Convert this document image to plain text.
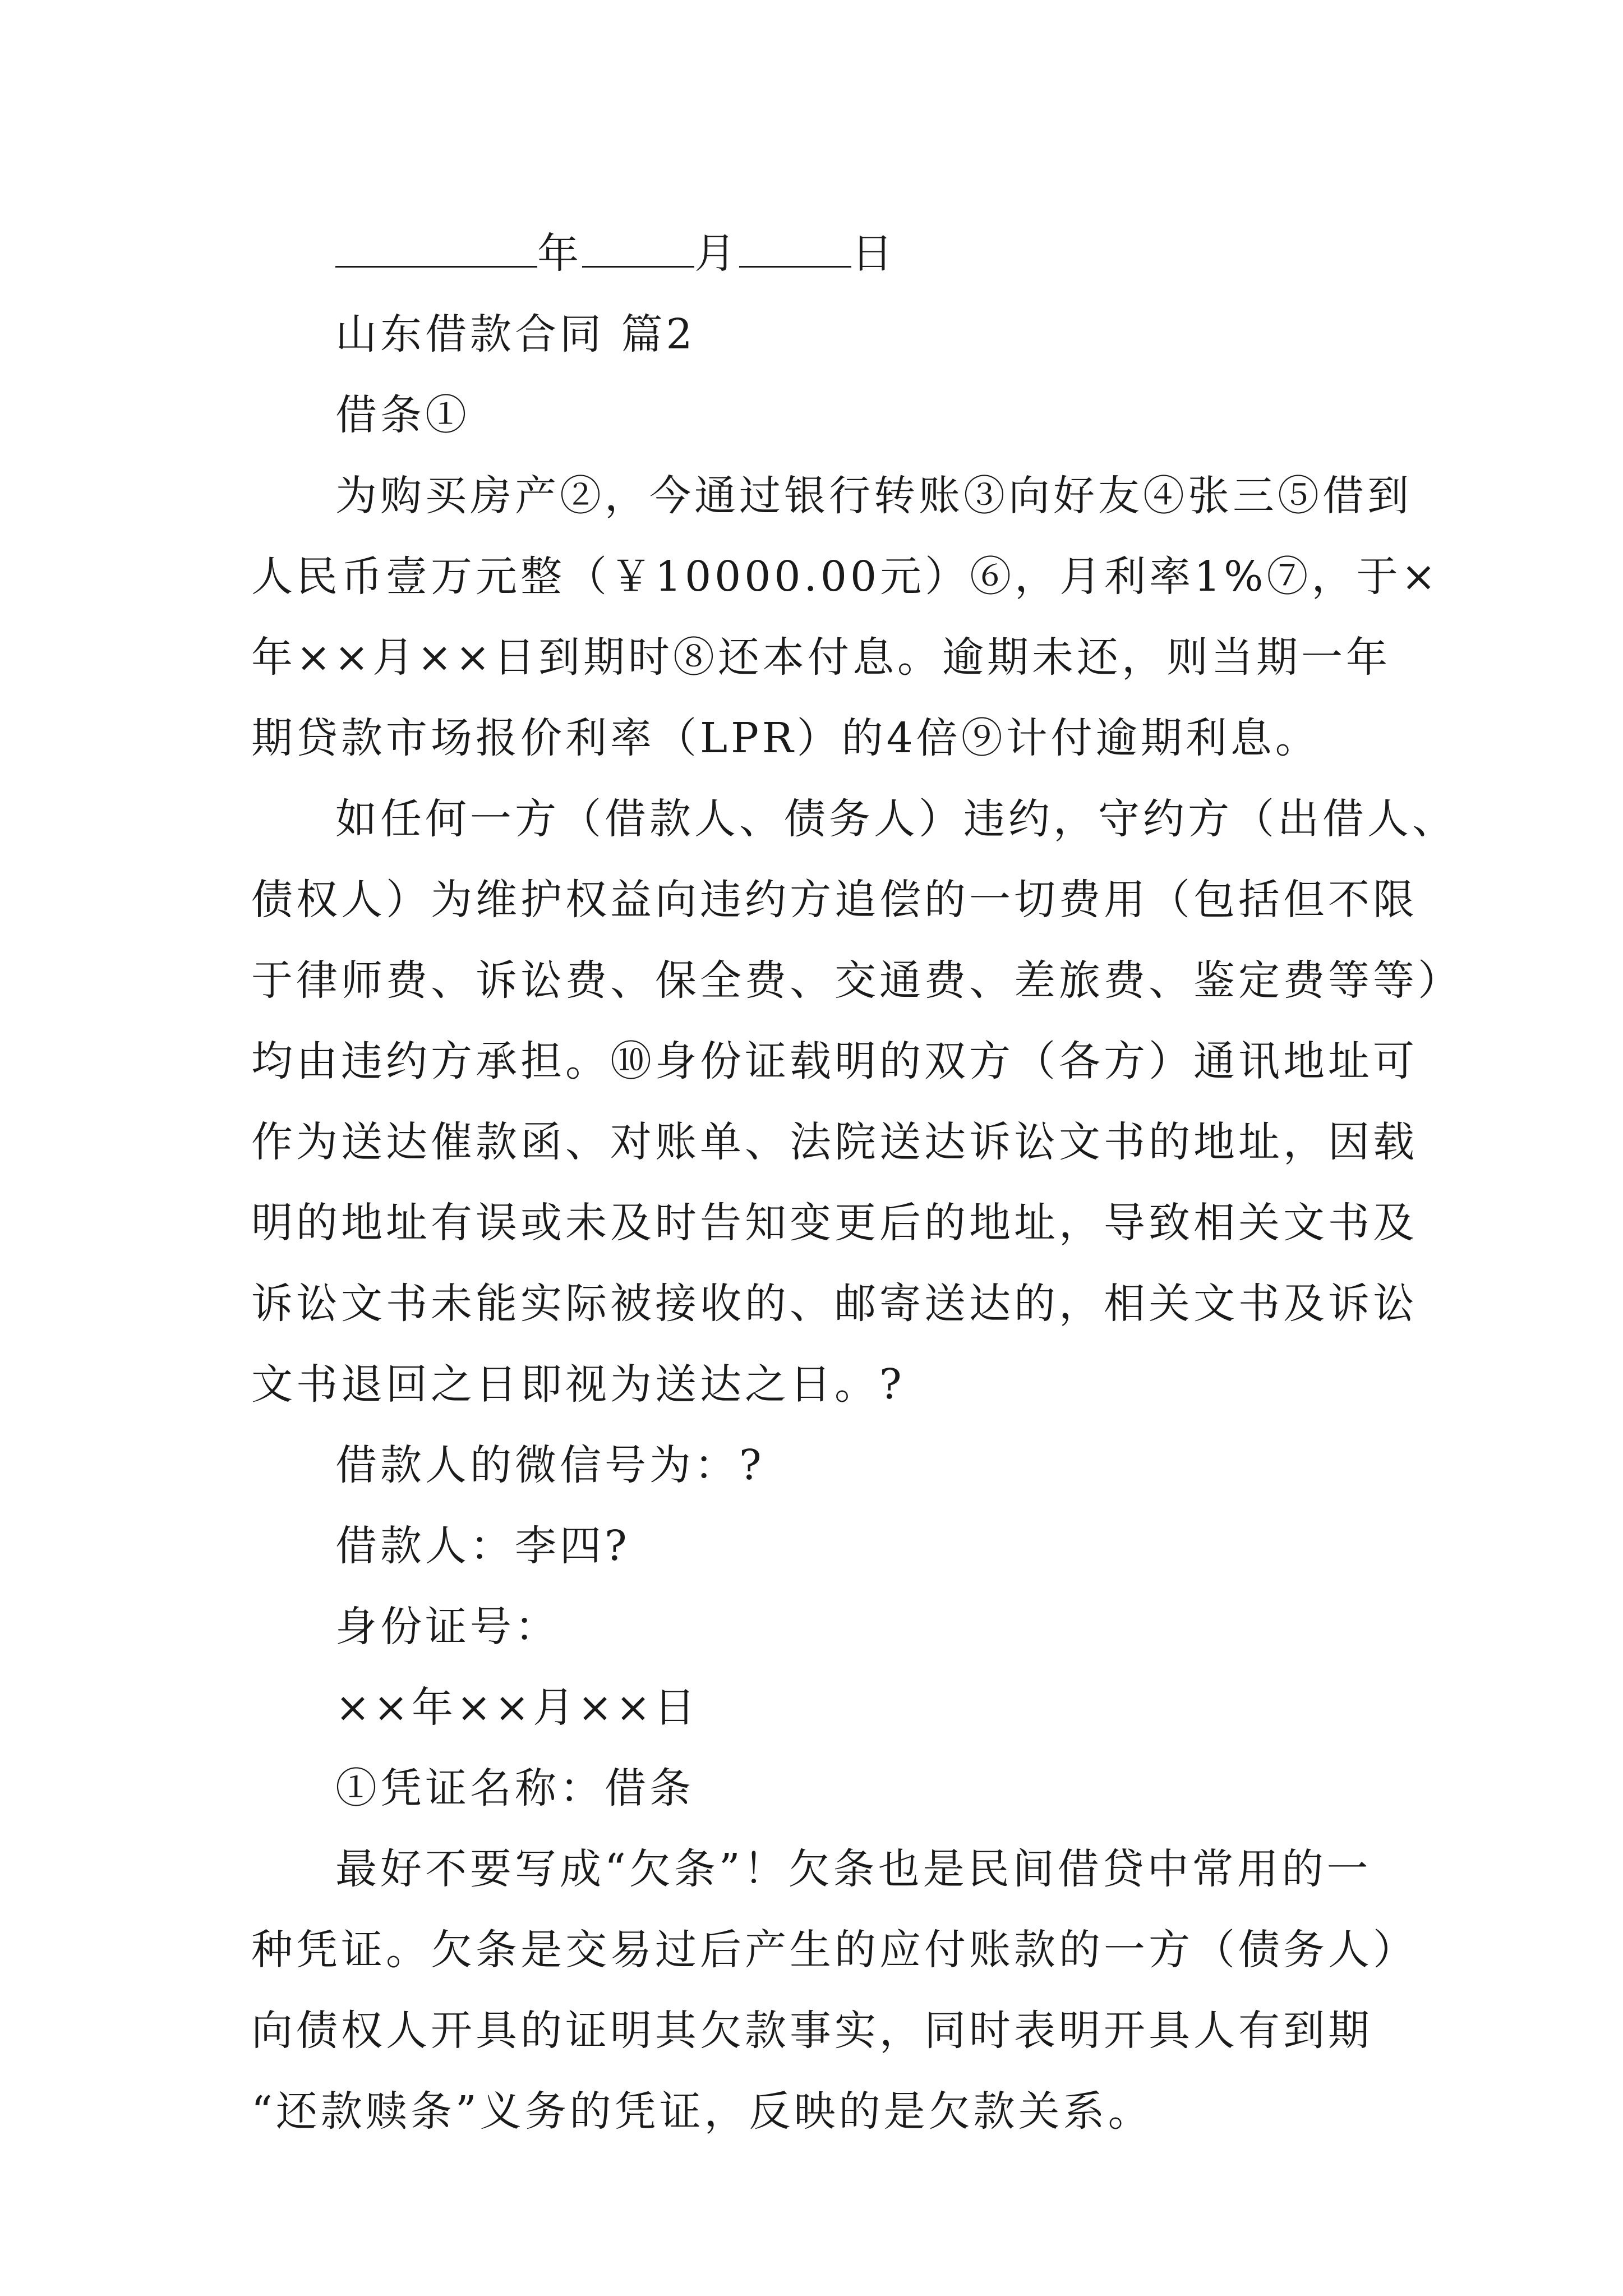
年	月	日
山东借款合同 篇2
借条①
为购买房产②，今通过银行转账③向好友④张三⑤借到
人民币壹万元整（￥10000.00元）⑥，月利率1%⑦，于×
年××月××日到期时⑧还本付息。逾期未还，则当期一年
期贷款市场报价利率（LPR）的4倍⑨计付逾期利息。
如任何一方（借款人、债务人）违约，守约方（出借人、
债权人）为维护权益向违约方追偿的一切费用（包括但不限
于律师费、诉讼费、保全费、交通费、差旅费、鉴定费等等）
均由违约方承担。⑩身份证载明的双方（各方）通讯地址可
作为送达催款函、对账单、法院送达诉讼文书的地址，因载
明的地址有误或未及时告知变更后的地址，导致相关文书及
诉讼文书未能实际被接收的、邮寄送达的，相关文书及诉讼
文书退回之日即视为送达之日。?
借款人的微信号为：?
借款人：李四?
身份证号：
××年××月××日
①凭证名称：借条
最好不要写成“欠条”！欠条也是民间借贷中常用的一
种凭证。欠条是交易过后产生的应付账款的一方（债务人）
向债权人开具的证明其欠款事实，同时表明开具人有到期
“还款赎条”义务的凭证，反映的是欠款关系。
